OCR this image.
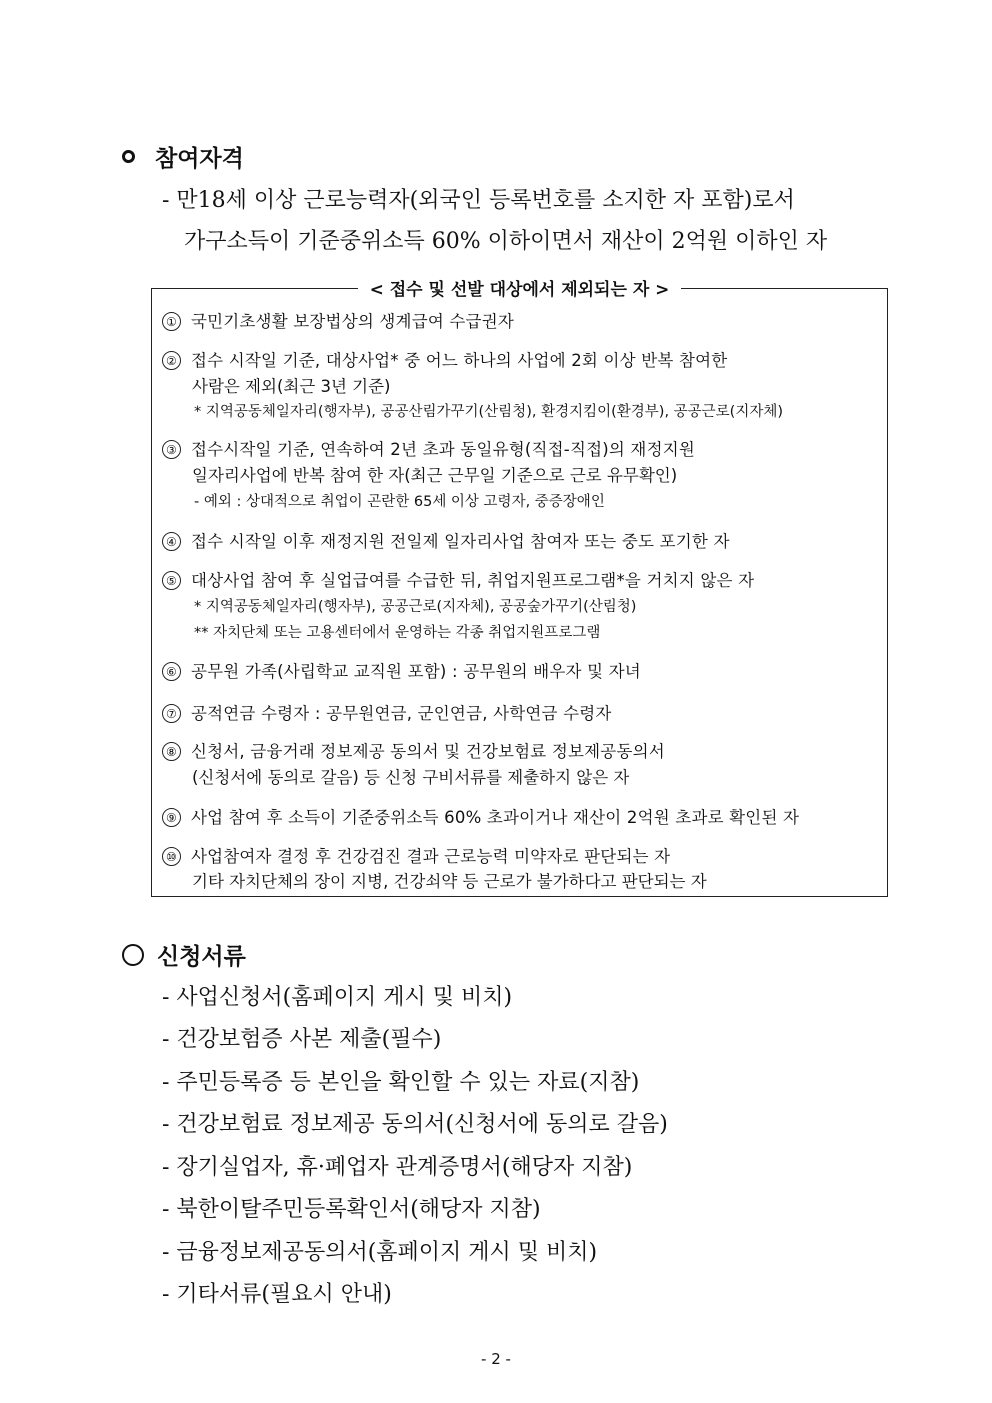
참여자격
- 만18세 이상 근로능력자(외국인 등록번호를 소지한 자 포함)로서
가구소득이 기준중위소득 60% 이하이면서 재산이 2억원 이하인 자
< 접수 및 선발 대상에서 제외되는 자 >
① 국민기초생활 보장법상의 생계급여 수급권자
② 접수 시작일 기준, 대상사업* 중 어느 하나의 사업에 2회 이상 반복 참여한
사람은 제외(최근 3년 기준)
* 지역공동체일자리(행자부), 공공산림가꾸기(산림청), 환경지킴이(환경부), 공공근로(지자체)
③ 접수시작일 기준, 연속하여 2년 초과 동일유형(직접-직접)의 재정지원
일자리사업에 반복 참여 한 자(최근 근무일 기준으로 근로 유무확인)
- 예외 : 상대적으로 취업이 곤란한 65세 이상 고령자, 중증장애인
④ 접수 시작일 이후 재정지원 전일제 일자리사업 참여자 또는 중도 포기한 자
⑤ 대상사업 참여 후 실업급여를 수급한 뒤, 취업지원프로그램*을 거치지 않은 자
* 지역공동체일자리(행자부), 공공근로(지자체), 공공숲가꾸기(산림청)
** 자치단체 또는 고용센터에서 운영하는 각종 취업지원프로그램
⑥ 공무원 가족(사립학교 교직원 포함) : 공무원의 배우자 및 자녀
⑦ 공적연금 수령자 : 공무원연금, 군인연금, 사학연금 수령자
⑧ 신청서, 금융거래 정보제공 동의서 및 건강보험료 정보제공동의서
(신청서에 동의로 갈음) 등 신청 구비서류를 제출하지 않은 자
⑨ 사업 참여 후 소득이 기준중위소득 60% 초과이거나 재산이 2억원 초과로 확인된 자
⑩ 사업참여자 결정 후 건강검진 결과 근로능력 미약자로 판단되는 자
기타 자치단체의 장이 지병, 건강쇠약 등 근로가 불가하다고 판단되는 자
신청서류
- 사업신청서(홈페이지 게시 및 비치)
- 건강보험증 사본 제출(필수)
- 주민등록증 등 본인을 확인할 수 있는 자료(지참)
- 건강보험료 정보제공 동의서(신청서에 동의로 갈음)
- 장기실업자, 휴·폐업자 관계증명서(해당자 지참)
- 북한이탈주민등록확인서(해당자 지참)
- 금융정보제공동의서(홈페이지 게시 및 비치)
- 기타서류(필요시 안내)
- 2 -
